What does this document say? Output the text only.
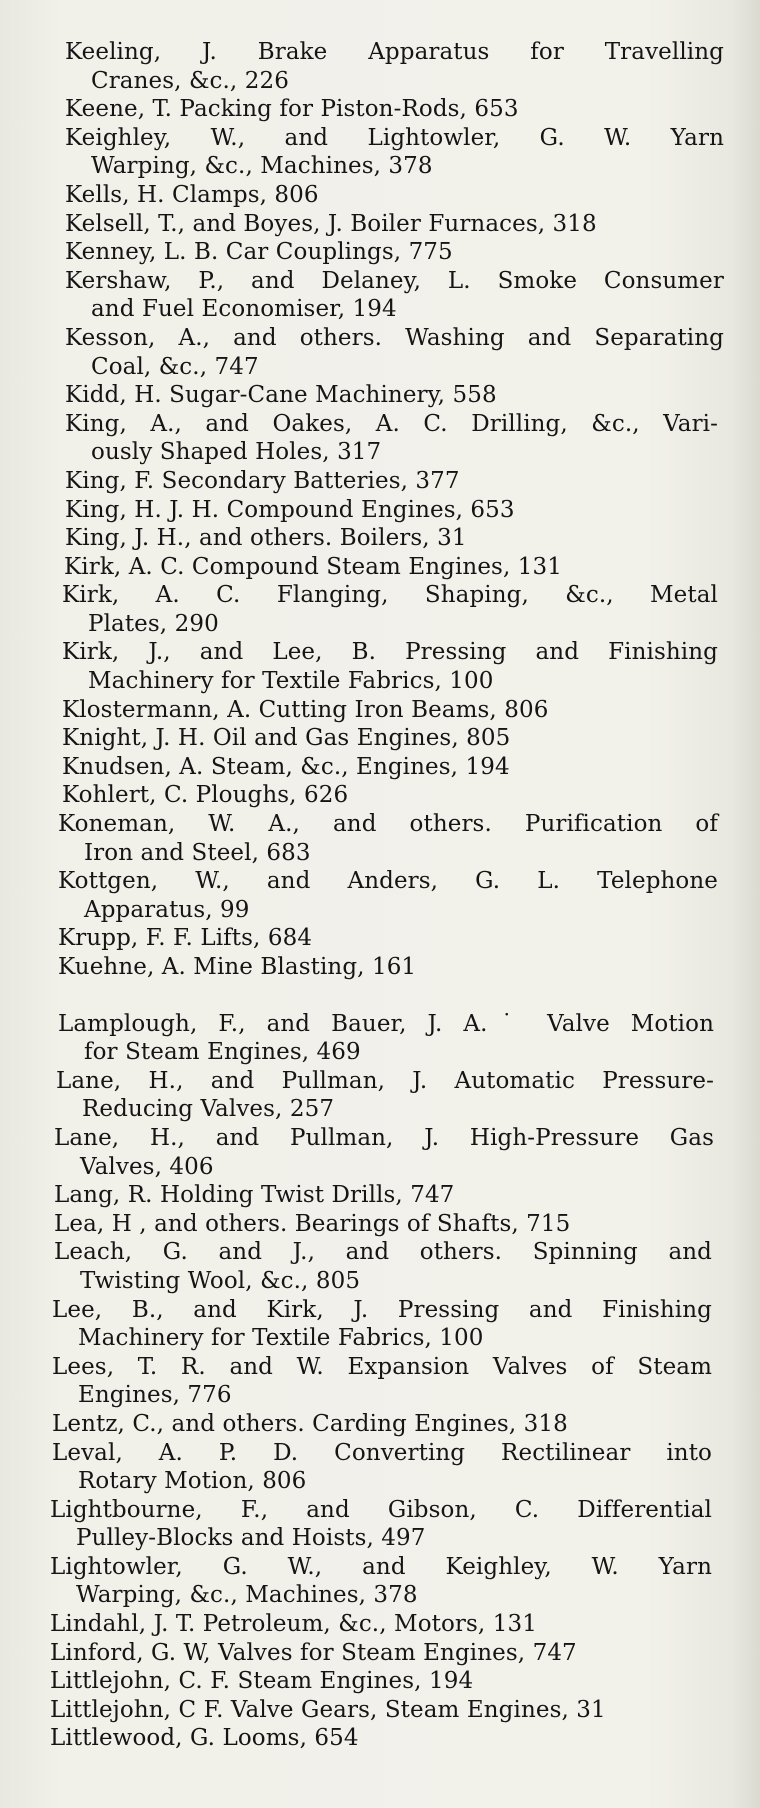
Keeling, J. Brake Apparatus for Travelling
Cranes, &c., 226
Keene, T. Packing for Piston-Rods, 653
Keighley, W., and Lightowler, G. W. Yarn
Warping, &c., Machines, 378
Kells, H. Clamps, 806
Kelsell, T., and Boyes, J. Boiler Furnaces, 318
Kenney, L. B. Car Couplings, 775
Kershaw, P., and Delaney, L. Smoke Consumer
and Fuel Economiser, 194
Kesson, A., and others. Washing and Separating
Coal, &c., 747
Kidd, H. Sugar-Cane Machinery, 558
King, A., and Oakes, A. C. Drilling, &c., Vari-
ously Shaped Holes, 317
King, F. Secondary Batteries, 377
King, H. J. H. Compound Engines, 653
King, J. H., and others. Boilers, 31
Kirk, A. C. Compound Steam Engines, 131
Kirk, A. C. Flanging, Shaping, &c., Metal
Plates, 290
Kirk, J., and Lee, B. Pressing and Finishing
Machinery for Textile Fabrics, 100
Klostermann, A. Cutting Iron Beams, 806
Knight, J. H. Oil and Gas Engines, 805
Knudsen, A. Steam, &c., Engines, 194
Kohlert, C. Ploughs, 626
Koneman, W. A., and others. Purification of
Iron and Steel, 683
Kottgen, W., and Anders, G. L. Telephone
Apparatus, 99
Krupp, F. F. Lifts, 684
Kuehne, A. Mine Blasting, 161
Lamplough, F., and Bauer, J. A.˙ Valve Motion
for Steam Engines, 469
Lane, H., and Pullman, J. Automatic Pressure-
Reducing Valves, 257
Lane, H., and Pullman, J. High-Pressure Gas
Valves, 406
Lang, R. Holding Twist Drills, 747
Lea, H , and others. Bearings of Shafts, 715
Leach, G. and J., and others. Spinning and
Twisting Wool, &c., 805
Lee, B., and Kirk, J. Pressing and Finishing
Machinery for Textile Fabrics, 100
Lees, T. R. and W. Expansion Valves of Steam
Engines, 776
Lentz, C., and others. Carding Engines, 318
Leval, A. P. D. Converting Rectilinear into
Rotary Motion, 806
Lightbourne, F., and Gibson, C. Differential
Pulley-Blocks and Hoists, 497
Lightowler, G. W., and Keighley, W. Yarn
Warping, &c., Machines, 378
Lindahl, J. T. Petroleum, &c., Motors, 131
Linford, G. W, Valves for Steam Engines, 747
Littlejohn, C. F. Steam Engines, 194
Littlejohn, C F. Valve Gears, Steam Engines, 31
Littlewood, G. Looms, 654
